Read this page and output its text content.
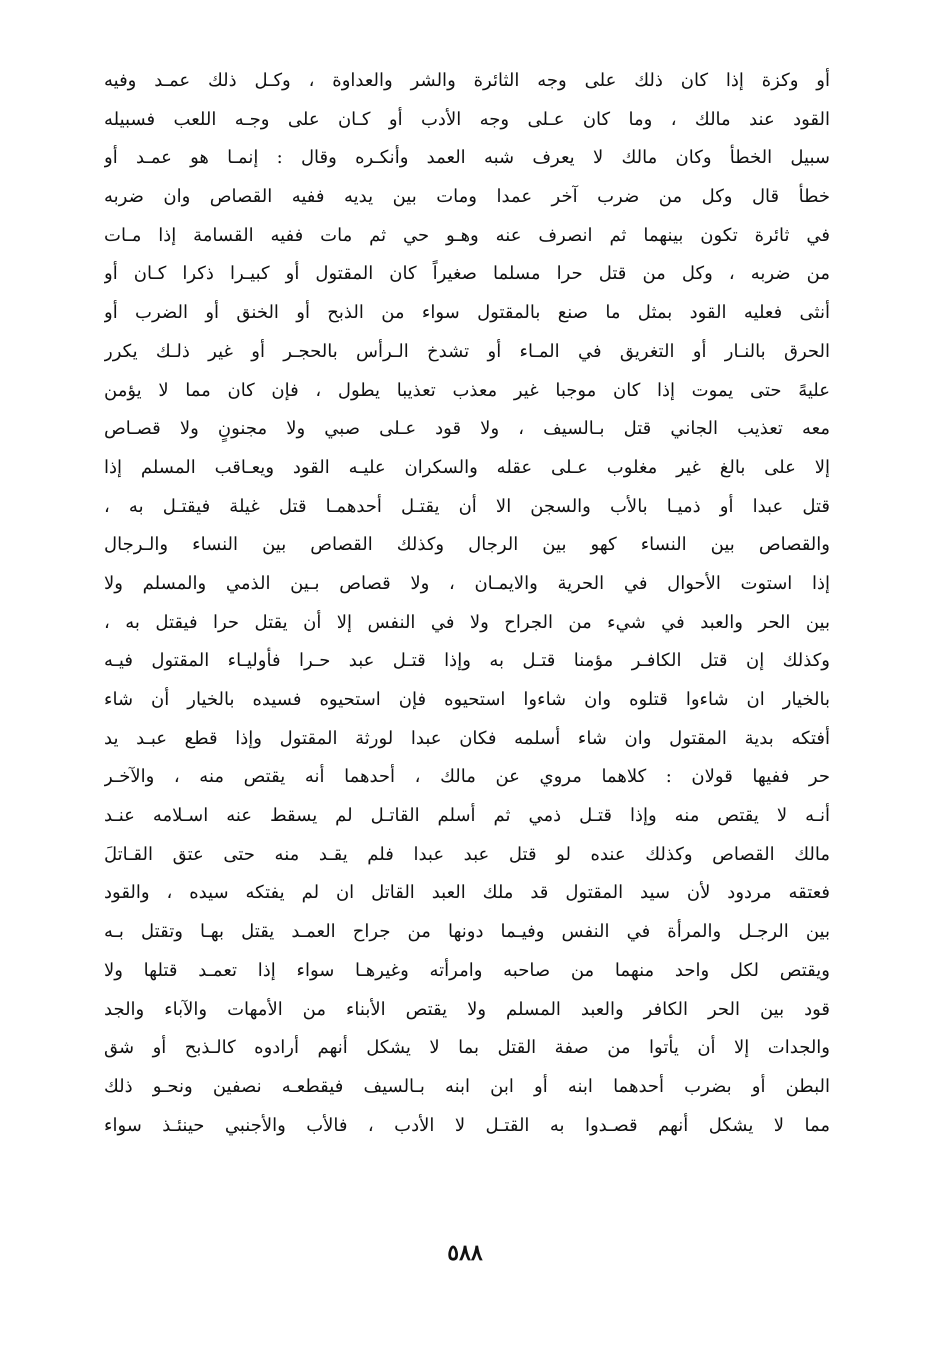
أو وكزة إذا كان ذلك على وجه الثائرة والشر والعداوة ، وكـل ذلك عمـد وفيه
القود عند مالك ، وما كان عـلى وجه الأدب أو كـان على وجـه اللعب فسبيله
سبيل الخطأ وكان مالك لا يعرف شبه العمد وأنكـره وقال : إنمـا هو عمـد أو
خطأ قال وكل من ضرب آخر عمدا ومات بين يديه ففيه القصاص وان ضربه
في ثائرة تكون بينهما ثم انصرف عنه وهـو حي ثم مات ففيه القسامة إذا مـات
من ضربه ، وكل من قتل حرا مسلما صغيراً كان المقتول أو كبيـرا ذكرا كـان أو
أنثى فعليه القود بمثل ما صنع بالمقتول سواء من الذبح أو الخنق أو الضرب أو
الحرق بالنـار أو التغريق في المـاء أو تشدخ الـرأس بالحجـر أو غير ذلـك يكرر
عليهً حتى يموت إذا كان موجبا غير معذب تعذيبا يطول ، فإن كان مما لا يؤمن
معه تعذيب الجاني قتل بـالسيف ، ولا قود عـلى صبي ولا مجنونٍ ولا قصـاص
إلا على بالغ غير مغلوب عـلى عقله والسكران عليـه القود ويعـاقب المسلم إذا
قتل عبدا أو ذميـا بالأب والسجن الا أن يقتـل أحدهمـا قتل غيلة فيقتـل به ،
والقصاص بين النساء كهو بين الرجال وكذلك القصاص بين النساء والـرجال
إذا استوت الأحوال في الحرية والايمـان ، ولا قصاص بـين الذمي والمسلم ولا
بين الحر والعبد في شيء من الجراح ولا في النفس إلا أن يقتل حرا فيقتل به ،
وكذلك إن قتل الكافـر مؤمنا قتـل به وإذا قتـل عبد حـرا فأوليـاء المقتول فيـه
بالخيار ان شاءوا قتلوه وان شاءوا استحيوه فإن استحيوه فسيده بالخيار أن شاء
أفتكه بدية المقتول وان شاء أسلمه فكان عبدا لورثة المقتول وإذا قطع عبـد يد
حر ففيها قولان : كلاهما مروي عن مالك ، أحدهما أنه يقتص منه ، والآخـر
أنـه لا يقتص منه وإذا قتـل ذمي ثم أسلم القاتـل لم يسقط عنه اسـلامه عنـد
مالك القصاص وكذلك عنده لو قتل عبد عبدا فلم يقـد منه حتى عتق القـاتلَ
فعتقه مردود لأن سيد المقتول قد ملك العبد القاتل ان لم يفتكه سيده ، والقود
بين الرجـل والمرأة في النفس وفيـما دونها من جراح العمـد يقتل بهـا وتقتل بـه
ويقتص لكل واحد منهما من صاحبه وامرأته وغيرهـا سواء إذا تعمـد قتلها ولا
قود بين الحر الكافر والعبد المسلم ولا يقتص الأبناء من الأمهات والآباء والجد
والجدات إلا أن يأتوا من صفة القتل بما لا يشكل أنهم أرادوه كالـذبح أو شق
البطن أو بضرب أحدهما ابنه أو ابن ابنه بـالسيف فيقطعـه نصفين ونحـو ذلك
مما لا يشكل أنهم قصـدوا به القتـل لا الأدب ، فالأب والأجنبي حينئـذ سواء
٥٨٨
